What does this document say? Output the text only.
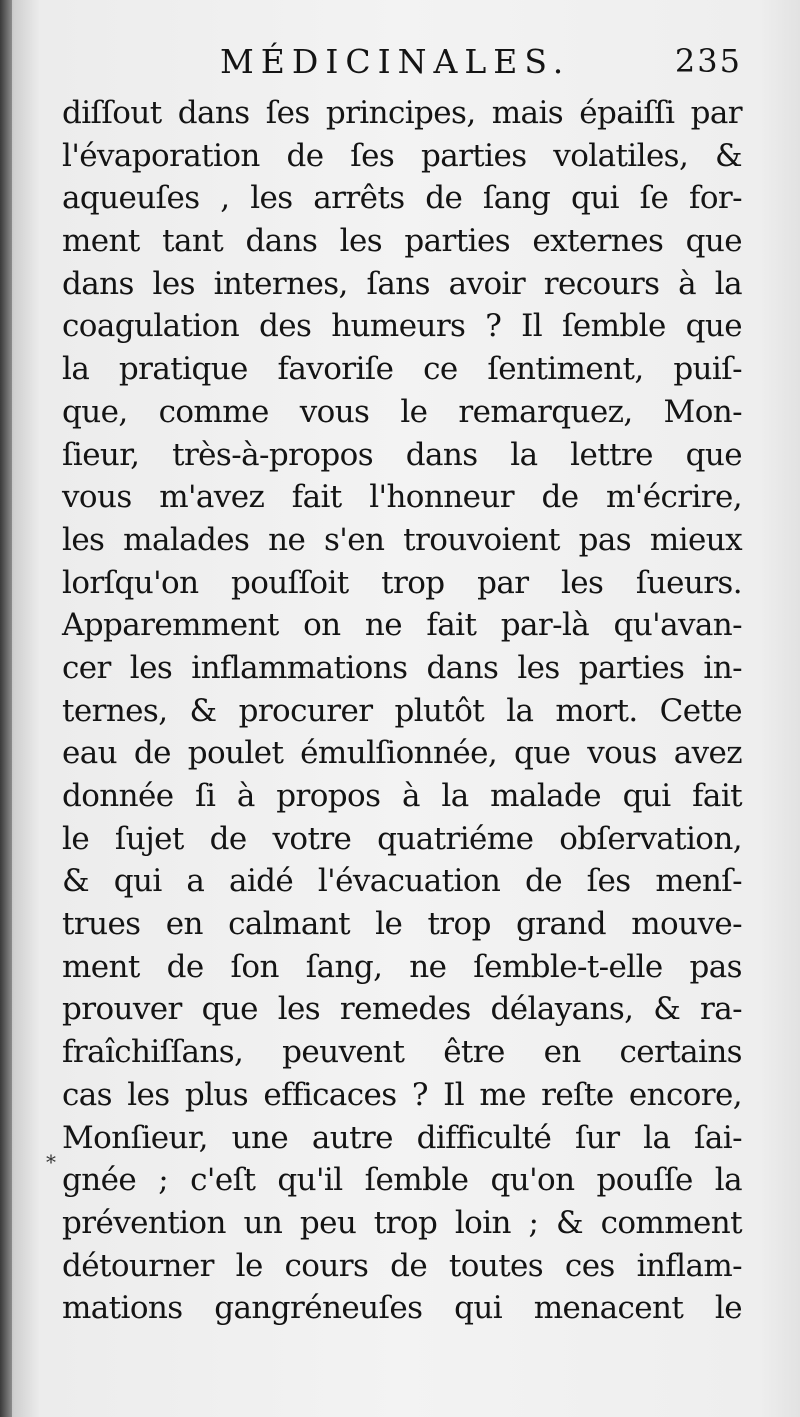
MÉDICINALES.	235
diſſout dans ſes principes, mais épaiſſi par
l'évaporation de ſes parties volatiles, &
aqueuſes , les arrêts de ſang qui ſe for-
ment tant dans les parties externes que
dans les internes, ſans avoir recours à la
coagulation des humeurs ? Il ſemble que
la pratique favoriſe ce ſentiment, puiſ-
que, comme vous le remarquez, Mon-
ſieur, très-à-propos dans la lettre que
vous m'avez fait l'honneur de m'écrire,
les malades ne s'en trouvoient pas mieux
lorſqu'on pouſſoit trop par les ſueurs.
Apparemment on ne fait par-là qu'avan-
cer les inflammations dans les parties in-
ternes, & procurer plutôt la mort. Cette
eau de poulet émulſionnée, que vous avez
donnée ſi à propos à la malade qui fait
le ſujet de votre quatriéme obſervation,
& qui a aidé l'évacuation de ſes menſ-
trues en calmant le trop grand mouve-
ment de ſon ſang, ne ſemble-t-elle pas
prouver que les remedes délayans, & ra-
fraîchiſſans, peuvent être en certains
cas les plus efficaces ? Il me reſte encore,
Monſieur, une autre difficulté ſur la ſai-
gnée ; c'eſt qu'il ſemble qu'on pouſſe la
prévention un peu trop loin ; & comment
détourner le cours de toutes ces inflam-
mations gangréneuſes qui menacent le
*
